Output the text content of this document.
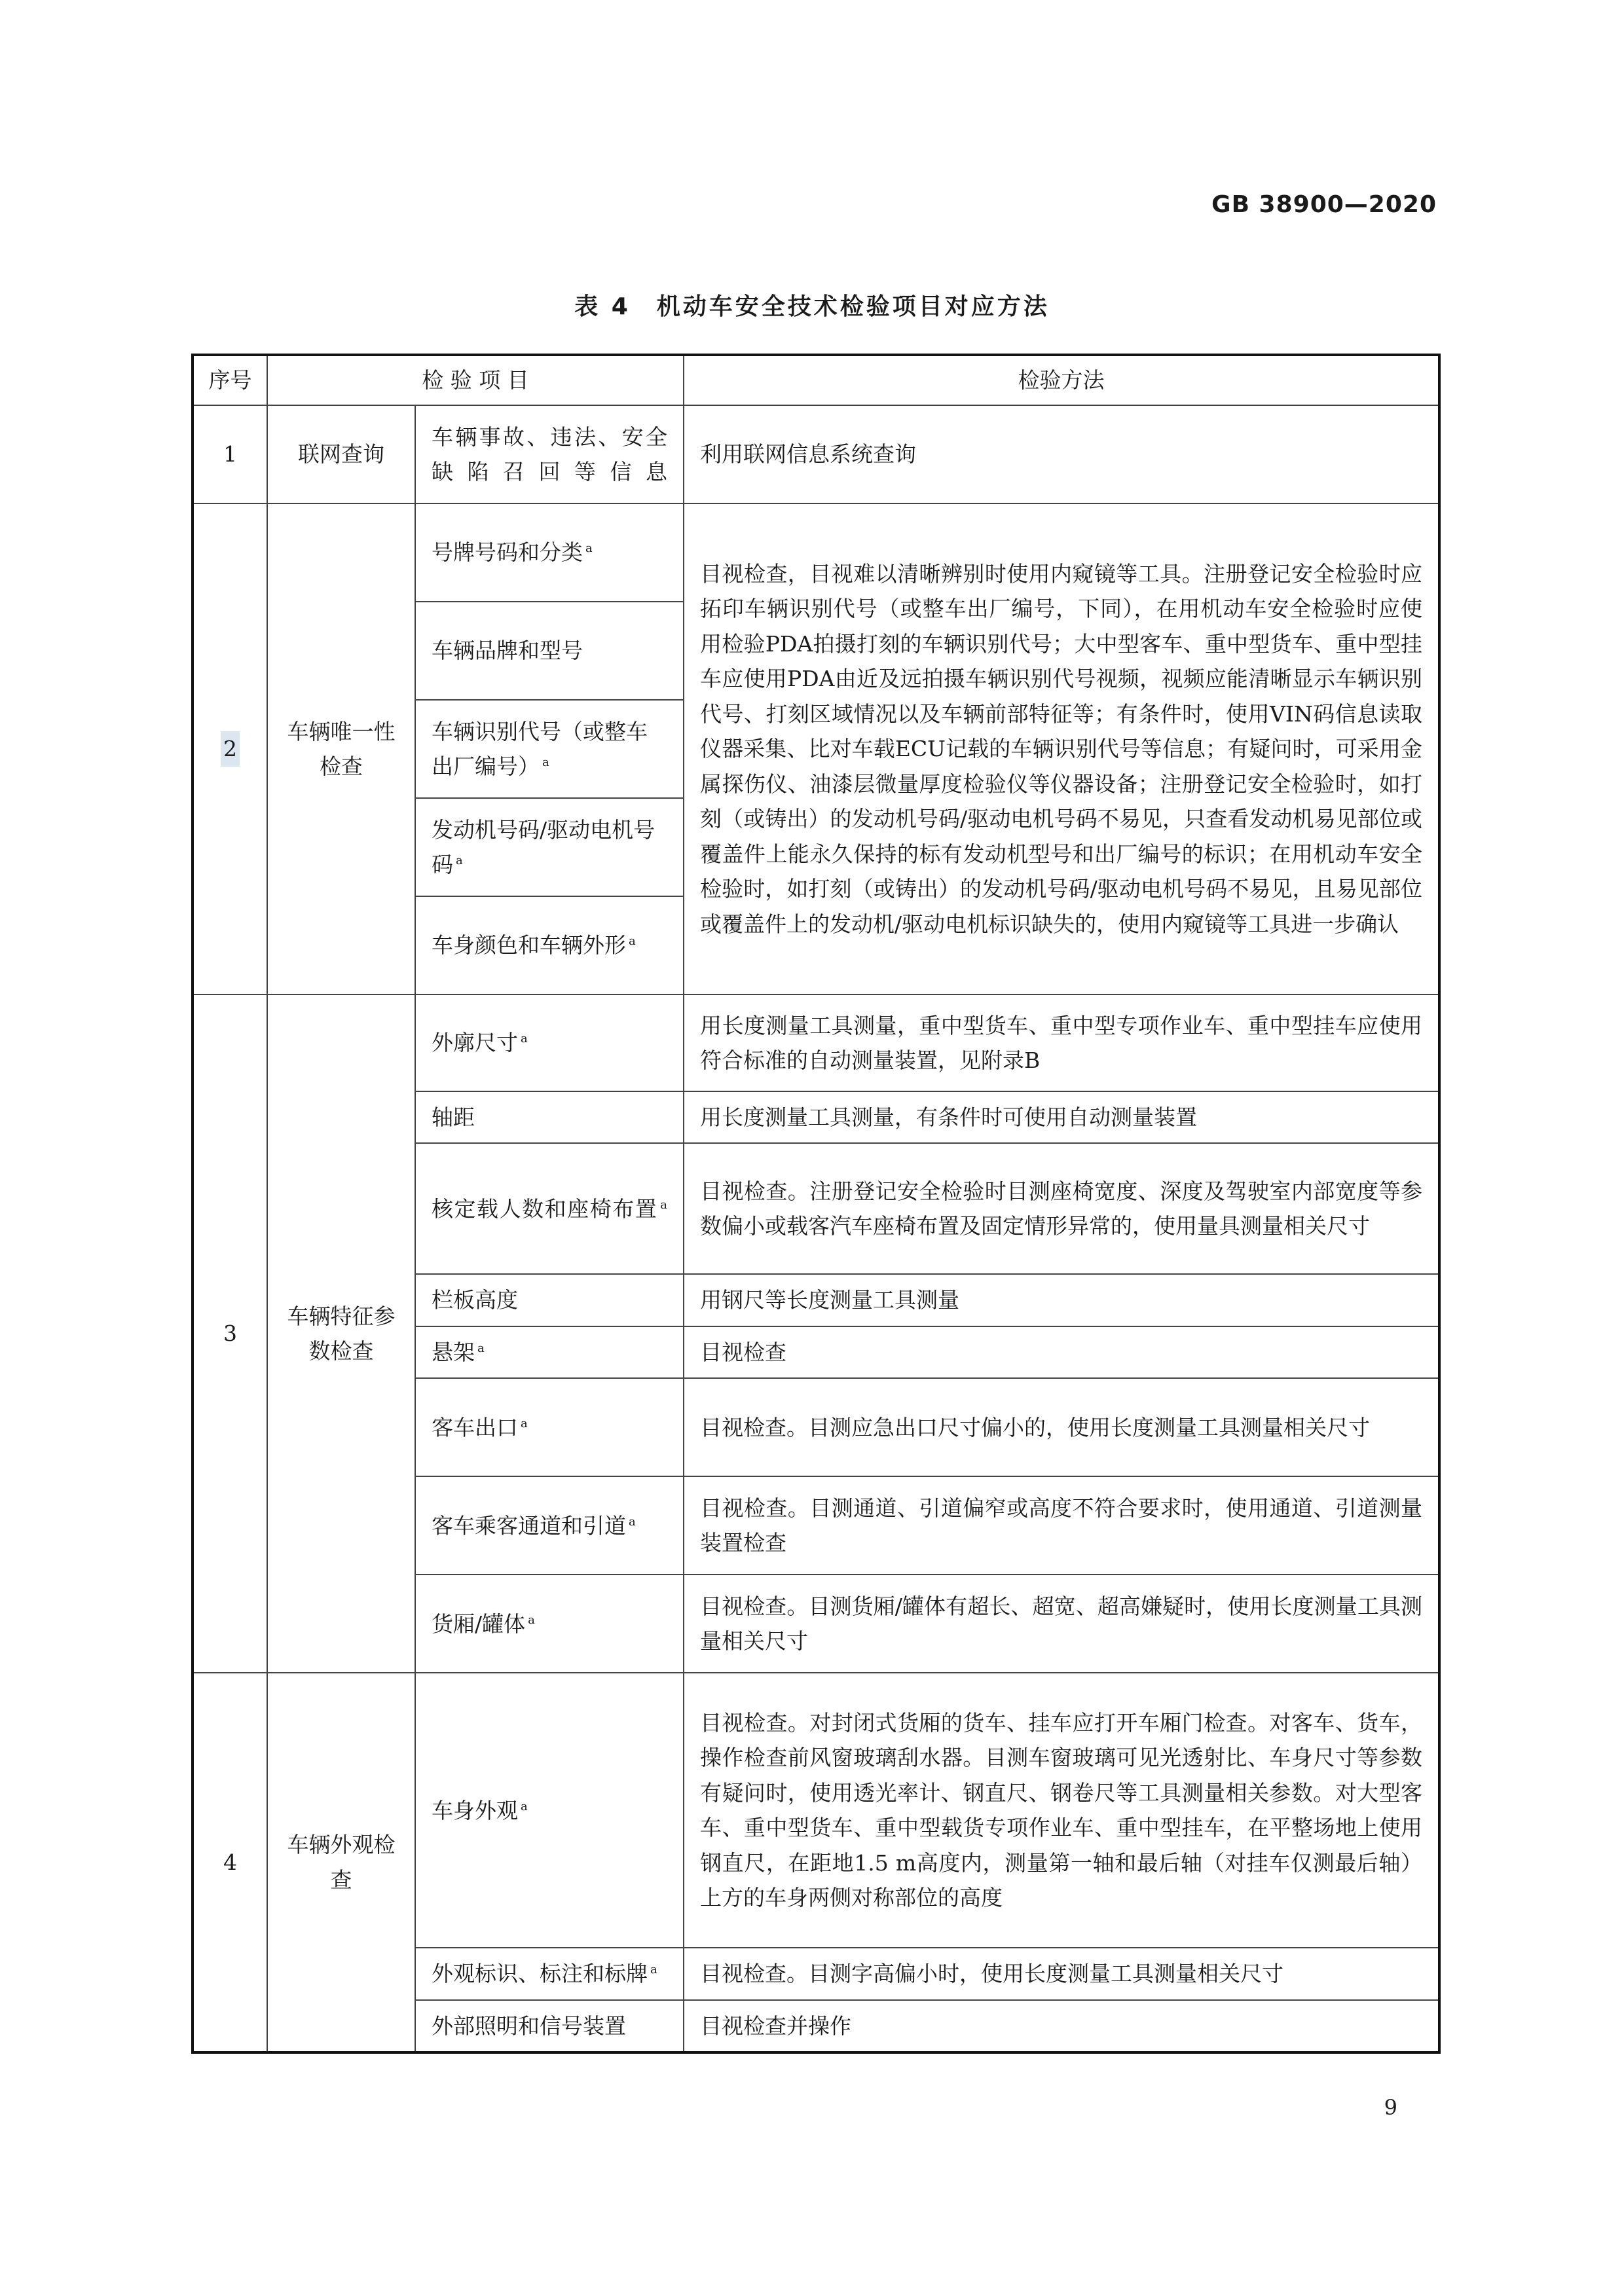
GB 38900—2020
表 4　机动车安全技术检验项目对应方法
序号	检 验 项 目		检验方法
1	联网查询	车辆事故、违法、安全缺陷召回等信息	利用联网信息系统查询
2	车辆唯一性检查	号牌号码和分类 $^a$	目视检查，目视难以清晰辨别时使用内窥镜等工具。注册登记安全检验时应拓印车辆识别代号（或整车出厂编号，下同），在用机动车安全检验时应使用检验PDA拍摄打刻的车辆识别代号；大中型客车、重中型货车、重中型挂车应使用PDA由近及远拍摄车辆识别代号视频，视频应能清晰显示车辆识别代号、打刻区域情况以及车辆前部特征等；有条件时，使用VIN码信息读取仪器采集、比对车载ECU记载的车辆识别代号等信息；有疑问时，可采用金属探伤仪、油漆层微量厚度检验仪等仪器设备；注册登记安全检验时，如打刻（或铸出）的发动机号码/驱动电机号码不易见，只查看发动机易见部位或覆盖件上能永久保持的标有发动机型号和出厂编号的标识；在用机动车安全检验时，如打刻（或铸出）的发动机号码/驱动电机号码不易见，且易见部位或覆盖件上的发动机/驱动电机标识缺失的，使用内窥镜等工具进一步确认
		车辆品牌和型号	
		车辆识别代号（或整车出厂编号） $^a$
		发动机号码/驱动电机号码 $^a$
		车身颜色和车辆外形 $^a$
3	车辆特征参数检查	外廓尺寸 $^a$	用长度测量工具测量，重中型货车、重中型专项作业车、重中型挂车应使用符合标准的自动测量装置，见附录B
		轴距	用长度测量工具测量，有条件时可使用自动测量装置
		核定载人数和座椅布置 $^a$	目视检查。注册登记安全检验时目测座椅宽度、深度及驾驶室内部宽度等参数偏小或载客汽车座椅布置及固定情形异常的，使用量具测量相关尺寸
		栏板高度	用钢尺等长度测量工具测量
		悬架 $^a$	目视检查
		客车出口 $^a$	目视检查。目测应急出口尺寸偏小的，使用长度测量工具测量相关尺寸
		客车乘客通道和引道 $^a$	目视检查。目测通道、引道偏窄或高度不符合要求时，使用通道、引道测量装置检查
		货厢/罐体 $^a$	目视检查。目测货厢/罐体有超长、超宽、超高嫌疑时，使用长度测量工具测量相关尺寸
4	车辆外观检查	车身外观 $^a$	目视检查。对封闭式货厢的货车、挂车应打开车厢门检查。对客车、货车，操作检查前风窗玻璃刮水器。目测车窗玻璃可见光透射比、车身尺寸等参数有疑问时，使用透光率计、钢直尺、钢卷尺等工具测量相关参数。对大型客车、重中型货车、重中型载货专项作业车、重中型挂车，在平整场地上使用钢直尺，在距地1.5 m高度内，测量第一轴和最后轴（对挂车仅测最后轴）上方的车身两侧对称部位的高度
		外观标识、标注和标牌 $^a$	目视检查。目测字高偏小时，使用长度测量工具测量相关尺寸
		外部照明和信号装置	目视检查并操作
9
